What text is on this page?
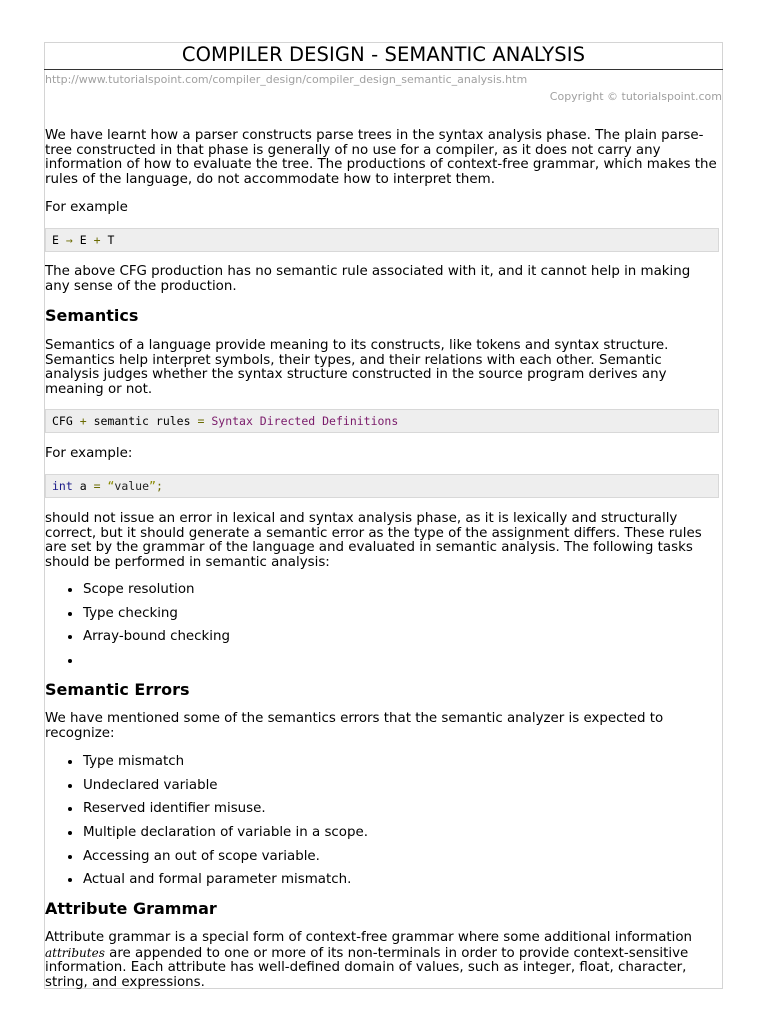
COMPILER DESIGN - SEMANTIC ANALYSIS
http://www.tutorialspoint.com/compiler_design/compiler_design_semantic_analysis.htm
Copyright © tutorialspoint.com

We have learnt how a parser constructs parse trees in the syntax analysis phase. The plain parse-tree constructed in that phase is generally of no use for a compiler, as it does not carry any information of how to evaluate the tree. The productions of context-free grammar, which makes the rules of the language, do not accommodate how to interpret them.

For example

E → E + T

The above CFG production has no semantic rule associated with it, and it cannot help in making any sense of the production.

Semantics

Semantics of a language provide meaning to its constructs, like tokens and syntax structure. Semantics help interpret symbols, their types, and their relations with each other. Semantic analysis judges whether the syntax structure constructed in the source program derives any meaning or not.

CFG + semantic rules = Syntax Directed Definitions

For example:

int a = “value”;

should not issue an error in lexical and syntax analysis phase, as it is lexically and structurally correct, but it should generate a semantic error as the type of the assignment differs. These rules are set by the grammar of the language and evaluated in semantic analysis. The following tasks should be performed in semantic analysis:

Scope resolution
Type checking
Array-bound checking
Semantic Errors

We have mentioned some of the semantics errors that the semantic analyzer is expected to recognize:

Type mismatch
Undeclared variable
Reserved identifier misuse.
Multiple declaration of variable in a scope.
Accessing an out of scope variable.
Actual and formal parameter mismatch.
Attribute Grammar

Attribute grammar is a special form of context-free grammar where some additional information attributes are appended to one or more of its non-terminals in order to provide context-sensitive information. Each attribute has well-defined domain of values, such as integer, float, character, string, and expressions.
